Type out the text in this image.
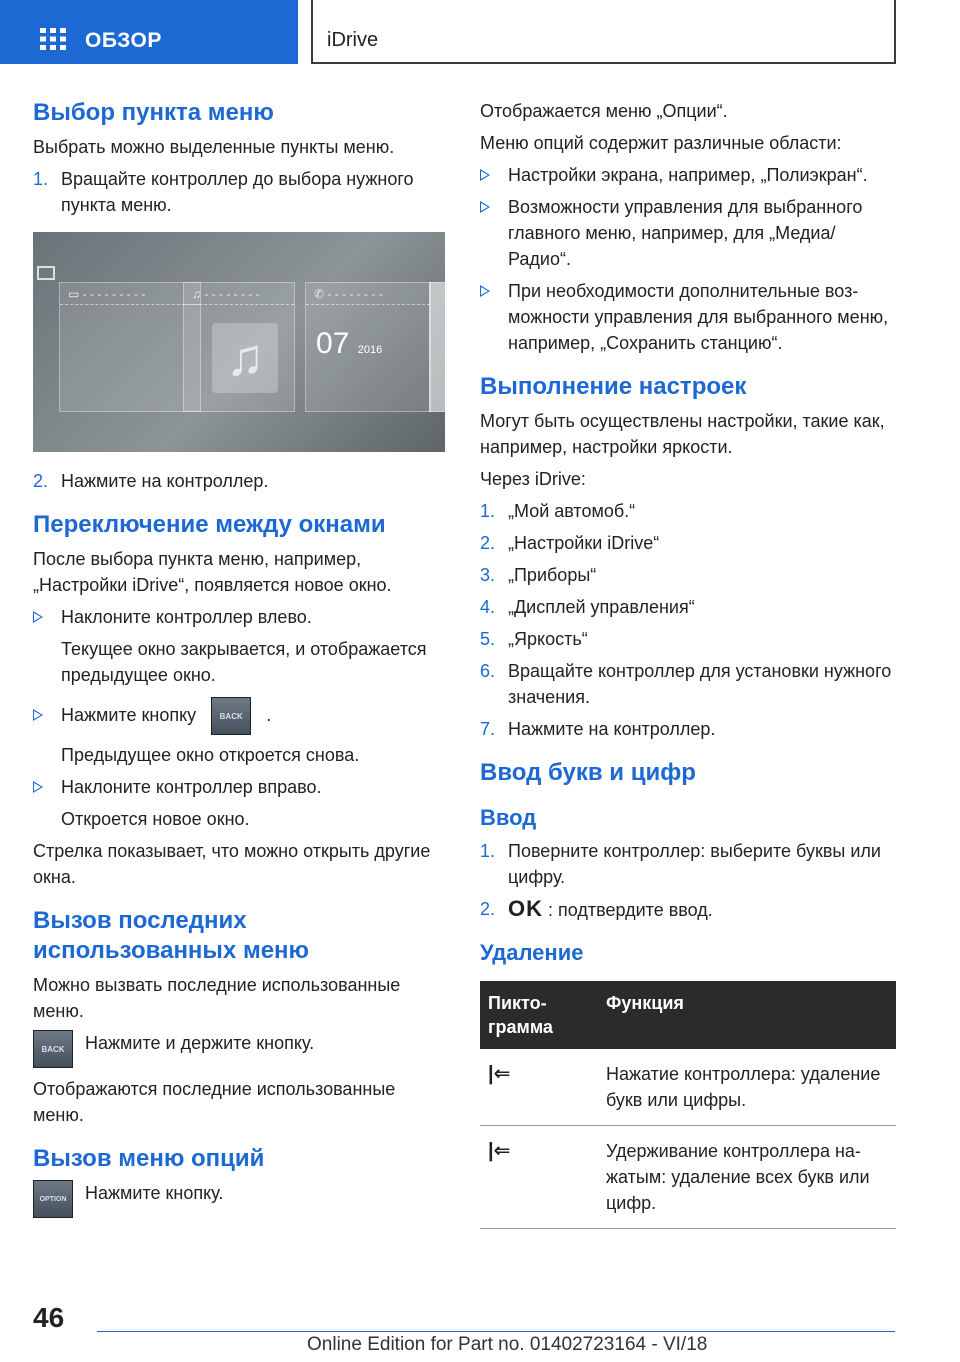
ОБЗОР	iDrive
Выбор пункта меню

Выбрать можно выделенные пункты меню.

1. Вращайте контроллер до выбора нужного пункта меню.
▭ - - - - - - - - -	♫ - - - - - - - -
♫
✆ - - - - - - - -
07 2016
2. Нажмите на контроллер.
Переключение между окнами

После выбора пункта меню, например, „Настройки iDrive“, появляется новое окно.

Наклоните контроллер влево.
Текущее окно закрывается, и отображается предыдущее окно.
Нажмите кнопку	BACK .
Предыдущее окно откроется снова.
Наклоните контроллер вправо.
Откроется новое окно.

Стрелка показывает, что можно открыть другие окна.

Вызов последних использованных меню

Можно вызвать последние использованные меню.

BACK	Нажмите и держите кнопку.

Отображаются последние использованные меню.

Вызов меню опций
OPTION	Нажмите кнопку.

Отображается меню „Опции“.

Меню опций содержит различные области:

Настройки экрана, например, „Полиэкран“.
Возможности управления для выбранного главного меню, например, для „Медиа/Радио“.
При необходимости дополнительные возможности управления для выбранного меню, например, „Сохранить станцию“.
Выполнение настроек

Могут быть осуществлены настройки, такие как, например, настройки яркости.

Через iDrive:

1. „Мой автомоб.“
2. „Настройки iDrive“
3. „Приборы“
4. „Дисплей управления“
5. „Яркость“
6. Вращайте контроллер для установки нужного значения.
7. Нажмите на контроллер.
Ввод букв и цифр
Ввод
1. Поверните контроллер: выберите буквы или цифру.
2. OK : подтвердите ввод.
Удаление
Пиктограмма	Функция
|⇐	Нажатие контроллера: удаление букв или цифры.
|⇐	Удерживание контроллера нажатым: удаление всех букв или цифр.
46
Online Edition for Part no. 01402723164 - VI/18
